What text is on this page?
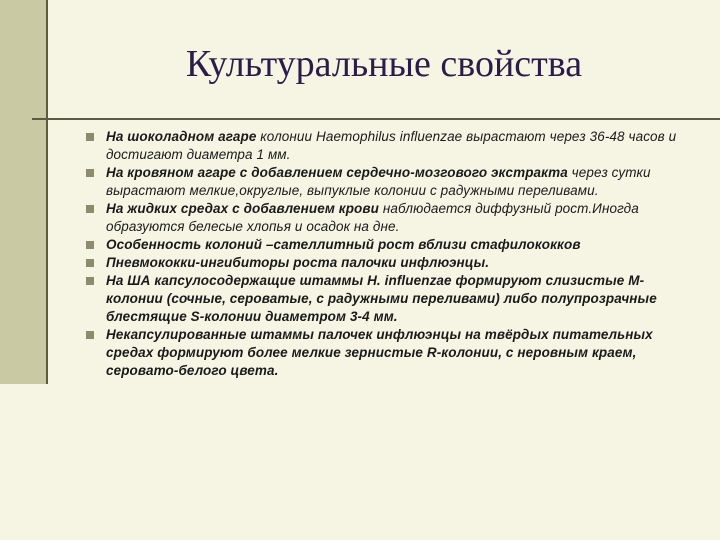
Культуральные свойства
На шоколадном агаре колонии Haemophilus influenzae вырастают через 36-48 часов и достигают диаметра 1 мм.
На кровяном агаре с добавлением сердечно-мозгового экстракта через сутки вырастают мелкие,округлые, выпуклые колонии с радужными переливами.
На жидких средах с добавлением крови наблюдается диффузный рост.Иногда образуются белесые хлопья и осадок на дне.
Особенность колоний –сателлитный рост вблизи стафилококков
Пневмококки-ингибиторы роста палочки инфлюэнцы.
На ША капсулосодержащие штаммы H. influenzae формируют слизистые М-колонии (сочные, сероватые, с радужными переливами) либо полупрозрачные блестящие S-колонии диаметром 3-4 мм.
Некапсулированные штаммы палочек инфлюэнцы на твёрдых питательных средах формируют более мелкие зернистые R-колонии, с неровным краем, серовато-белого цвета.
